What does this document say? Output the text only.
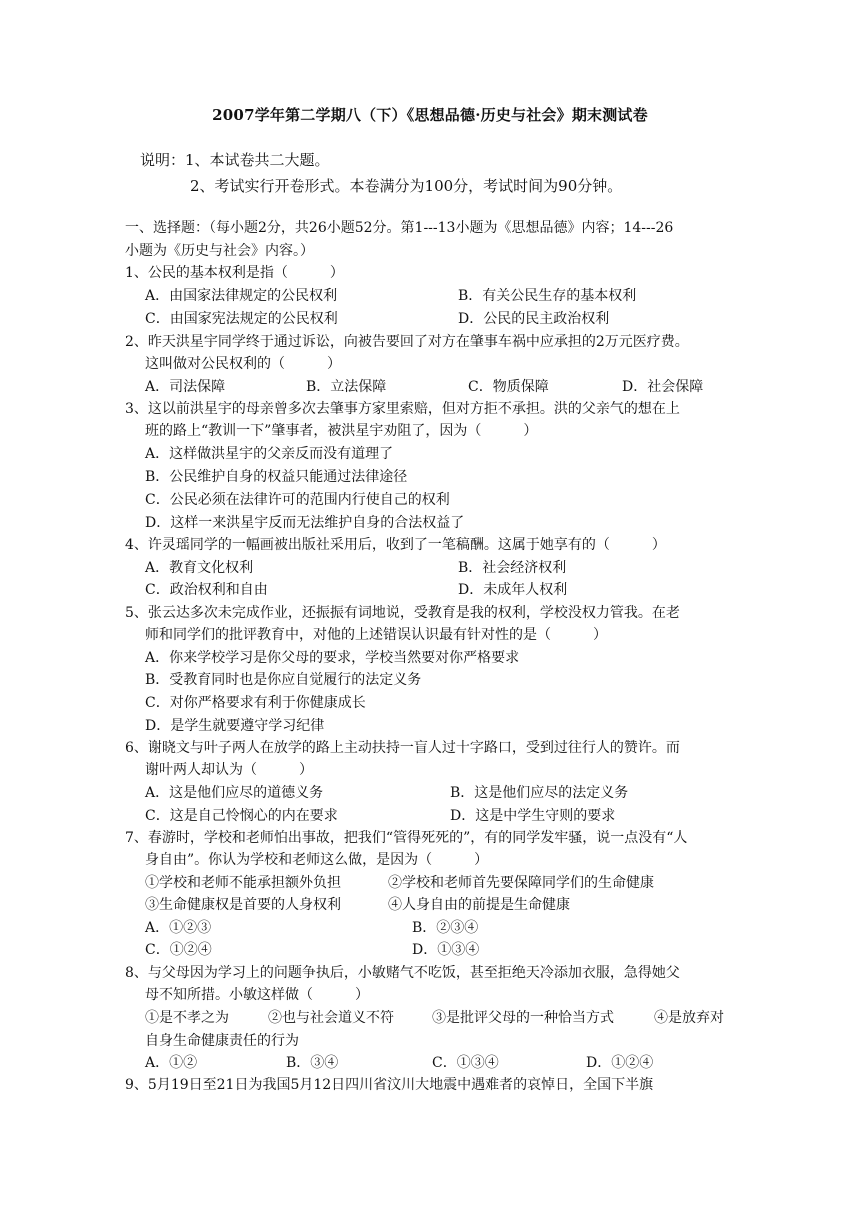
2007学年第二学期八（下）《思想品德·历史与社会》期末测试卷
说明：1、本试卷共二大题。
2、考试实行开卷形式。本卷满分为100分，考试时间为90分钟。
一、选择题：（每小题2分，共26小题52分。第1---13小题为《思想品德》内容；14---26
小题为《历史与社会》内容。）
1、公民的基本权利是指（　　　）
A．由国家法律规定的公民权利	B．有关公民生存的基本权利
C．由国家宪法规定的公民权利	D．公民的民主政治权利
2、昨天洪星宇同学终于通过诉讼，向被告要回了对方在肇事车祸中应承担的2万元医疗费。
这叫做对公民权利的（　　　）
A．司法保障	B．立法保障	C．物质保障	D．社会保障
3、这以前洪星宇的母亲曾多次去肇事方家里索赔，但对方拒不承担。洪的父亲气的想在上
班的路上“教训一下”肇事者，被洪星宇劝阻了，因为（　　　）
A．这样做洪星宇的父亲反而没有道理了
B．公民维护自身的权益只能通过法律途径
C．公民必须在法律许可的范围内行使自己的权利
D．这样一来洪星宇反而无法维护自身的合法权益了
4、许灵瑶同学的一幅画被出版社采用后，收到了一笔稿酬。这属于她享有的（　　　）
A．教育文化权利	B．社会经济权利
C．政治权利和自由	D．未成年人权利
5、张云达多次未完成作业，还振振有词地说，受教育是我的权利，学校没权力管我。在老
师和同学们的批评教育中，对他的上述错误认识最有针对性的是（　　　）
A．你来学校学习是你父母的要求，学校当然要对你严格要求
B．受教育同时也是你应自觉履行的法定义务
C．对你严格要求有利于你健康成长
D．是学生就要遵守学习纪律
6、谢晓文与叶子两人在放学的路上主动扶持一盲人过十字路口，受到过往行人的赞许。而
谢叶两人却认为（　　　）
A．这是他们应尽的道德义务	B．这是他们应尽的法定义务
C．这是自己怜悯心的内在要求	D．这是中学生守则的要求
7、春游时，学校和老师怕出事故，把我们“管得死死的”，有的同学发牢骚，说一点没有“人
身自由”。你认为学校和老师这么做，是因为（　　　）
①学校和老师不能承担额外负担	②学校和老师首先要保障同学们的生命健康
③生命健康权是首要的人身权利	④人身自由的前提是生命健康
A．①②③	B．②③④
C．①②④	D．①③④
8、与父母因为学习上的问题争执后，小敏赌气不吃饭，甚至拒绝天冷添加衣服，急得她父
母不知所措。小敏这样做（　　　）
①是不孝之为	②也与社会道义不符	③是批评父母的一种恰当方式	④是放弃对
自身生命健康责任的行为
A．①②	B．③④	C．①③④	D．①②④
9、5月19日至21日为我国5月12日四川省汶川大地震中遇难者的哀悼日，全国下半旗
